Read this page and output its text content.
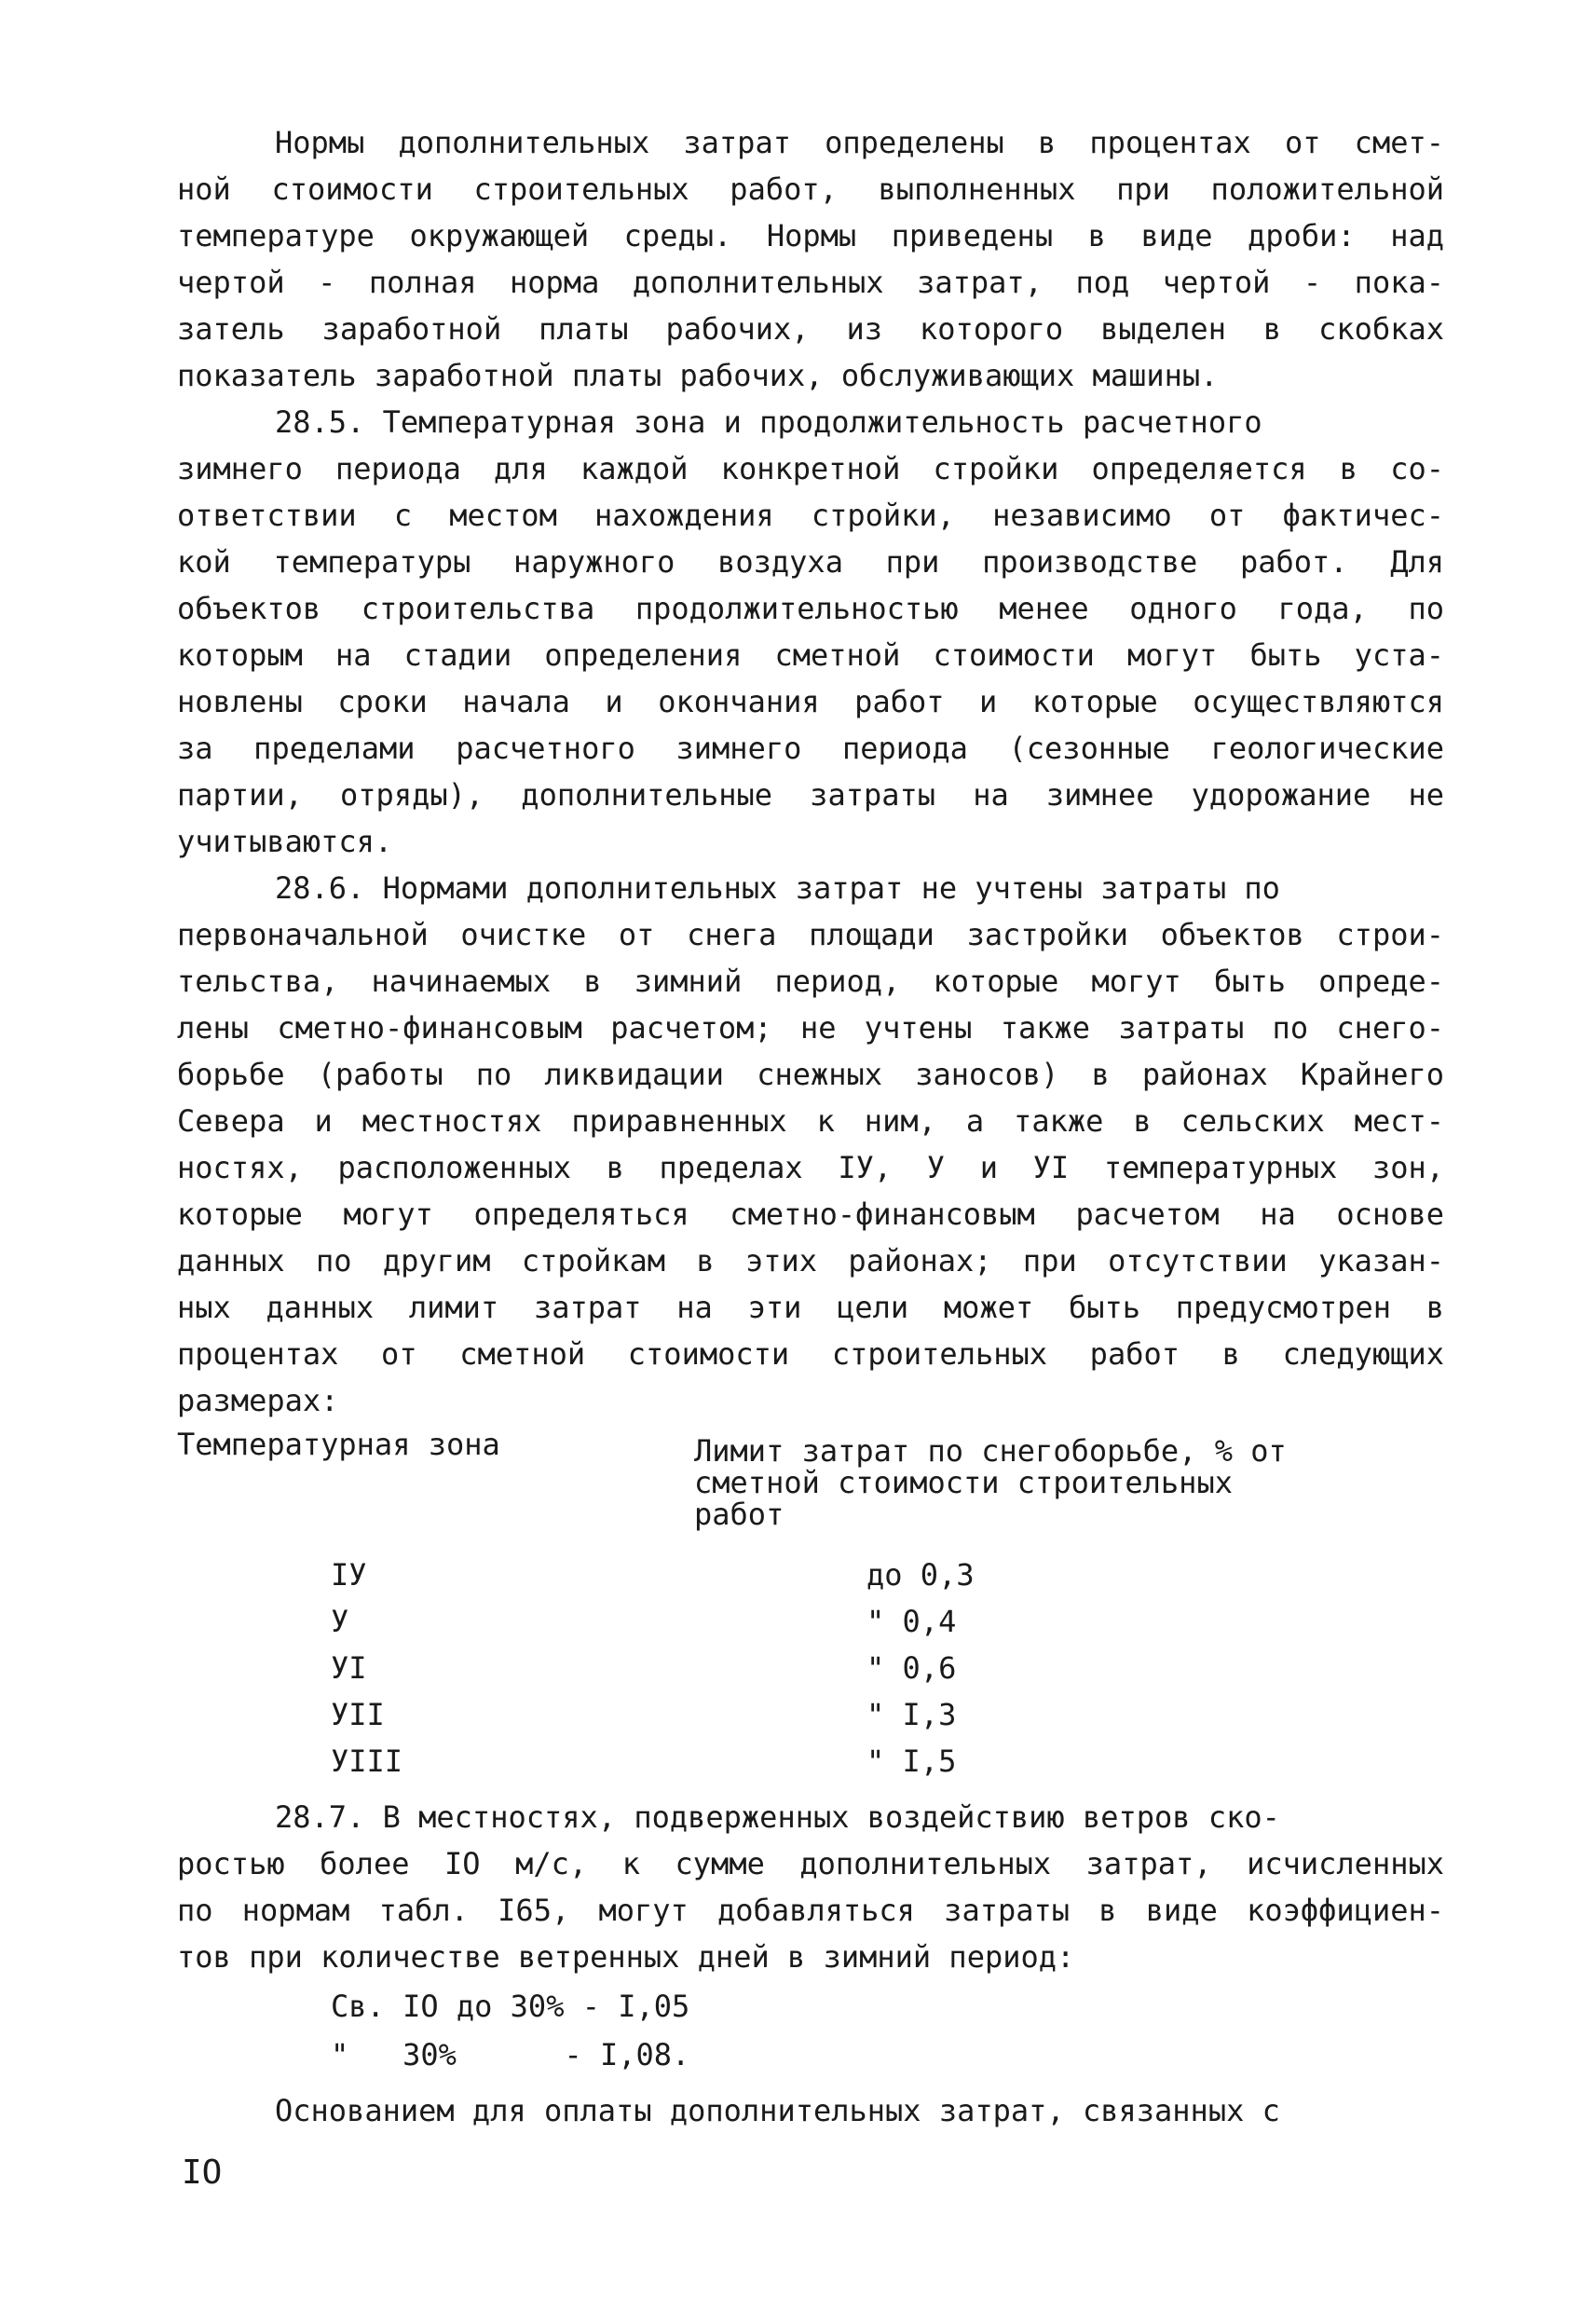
Нормы дополнительных затрат определены в процентах от смет-
ной стоимости строительных работ, выполненных при положительной
температуре окружающей среды. Нормы приведены в виде дроби: над
чертой - полная норма дополнительных затрат, под чертой - пока-
затель заработной платы рабочих, из которого выделен в скобках
показатель заработной платы рабочих, обслуживающих машины.
28.5. Температурная зона и продолжительность расчетного
зимнего периода для каждой конкретной стройки определяется в со-
ответствии с местом нахождения стройки, независимо от фактичес-
кой температуры наружного воздуха при производстве работ. Для
объектов строительства продолжительностью менее одного года, по
которым на стадии определения сметной стоимости могут быть уста-
новлены сроки начала и окончания работ и которые осуществляются
за пределами расчетного зимнего периода (сезонные геологические
партии, отряды), дополнительные затраты на зимнее удорожание не
учитываются.
28.6. Нормами дополнительных затрат не учтены затраты по
первоначальной очистке от снега площади застройки объектов строи-
тельства, начинаемых в зимний период, которые могут быть опреде-
лены сметно-финансовым расчетом; не учтены также затраты по снего-
борьбе (работы по ликвидации снежных заносов) в районах Крайнего
Севера и местностях приравненных к ним, а также в сельских мест-
ностях, расположенных в пределах IУ, У и УI температурных зон,
которые могут определяться сметно-финансовым расчетом на основе
данных по другим стройкам в этих районах; при отсутствии указан-
ных данных лимит затрат на эти цели может быть предусмотрен в
процентах от сметной стоимости строительных работ в следующих
размерах:
Температурная зона	Лимит затрат по снегоборьбе, % от
сметной стоимости строительных
работ
IУ	до 0,3
У	" 0,4
УI	" 0,6
УII	" I,3
УIII	" I,5
28.7. В местностях, подверженных воздействию ветров ско-
ростью более IO м/с, к сумме дополнительных затрат, исчисленных
по нормам табл. I65, могут добавляться затраты в виде коэффициен-
тов при количестве ветренных дней в зимний период:
Св. IO до 30% - I,05
"   30%      - I,08.
Основанием для оплаты дополнительных затрат, связанных с
IO
